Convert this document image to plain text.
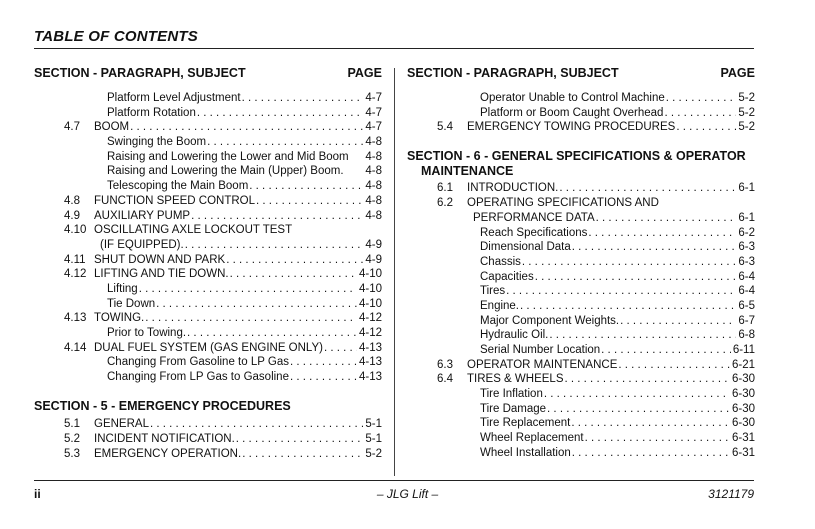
TABLE OF CONTENTS
SECTION - PARAGRAPH, SUBJECT	PAGE
Platform Level Adjustment . . .	4-7
Platform Rotation . . .	4-7
4.7 BOOM . . .	4-7
Swinging the Boom . . .	4-8
Raising and Lowering the Lower and Mid Boom 4-8
Raising and Lowering the Main (Upper) Boom. 4-8
Telescoping the Main Boom . . .	4-8
4.8 FUNCTION SPEED CONTROL . . .	4-8
4.9 AUXILIARY PUMP . . .	4-8
4.10 OSCILLATING AXLE LOCKOUT TEST
(IF EQUIPPED). . . .	4-9
4.11 SHUT DOWN AND PARK . . .	4-9
4.12 LIFTING AND TIE DOWN. . . .	4-10
Lifting . . .	4-10
Tie Down . . .	4-10
4.13 TOWING. . . .	4-12
Prior to Towing. . . .	4-12
4.14 DUAL FUEL SYSTEM (GAS ENGINE ONLY) . . .	4-13
Changing From Gasoline to LP Gas . . .	4-13
Changing From LP Gas to Gasoline . . .	4-13
SECTION - 5 - EMERGENCY PROCEDURES
5.1 GENERAL . . .	5-1
5.2 INCIDENT NOTIFICATION. . . .	5-1
5.3 EMERGENCY OPERATION. . . .	5-2
SECTION - PARAGRAPH, SUBJECT	PAGE
Operator Unable to Control Machine . . .	5-2
Platform or Boom Caught Overhead . . .	5-2
5.4 EMERGENCY TOWING PROCEDURES . . .	5-2
SECTION - 6 - GENERAL SPECIFICATIONS & OPERATOR
MAINTENANCE
6.1 INTRODUCTION. . . .	6-1
6.2 OPERATING SPECIFICATIONS AND
PERFORMANCE DATA . . .	6-1
Reach Specifications . . .	6-2
Dimensional Data . . .	6-3
Chassis . . .	6-3
Capacities . . .	6-4
Tires . . .	6-4
Engine. . . .	6-5
Major Component Weights. . . .	6-7
Hydraulic Oil. . . .	6-8
Serial Number Location . . .	6-11
6.3 OPERATOR MAINTENANCE . . .	6-21
6.4 TIRES & WHEELS . . .	6-30
Tire Inflation . . .	6-30
Tire Damage . . .	6-30
Tire Replacement . . .	6-30
Wheel Replacement . . .	6-31
Wheel Installation . . .	6-31
ii	– JLG Lift –	3121179
